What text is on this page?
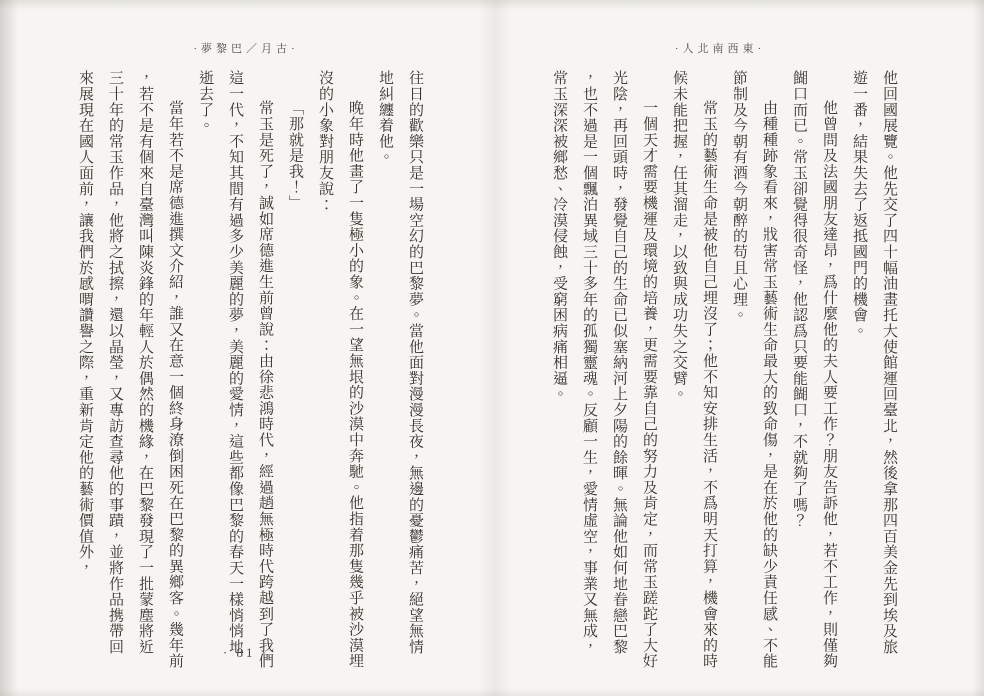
·人北南西東·

他回國展覽。他先交了四十幅油畫托大使館運回臺北，然後拿那四百美金先到埃及旅遊一番，結果失去了返抵國門的機會。

他曾問及法國朋友達昂，爲什麼他的夫人要工作？朋友告訴他，若不工作，則僅夠餬口而已。常玉卻覺得很奇怪，他認爲只要能餬口，不就夠了嗎？

由種種跡象看來，戕害常玉藝術生命最大的致命傷，是在於他的缺少責任感、不能節制及今朝有酒今朝醉的苟且心理。

常玉的藝術生命是被他自己埋沒了；他不知安排生活，不爲明天打算，機會來的時候未能把握，任其溜走，以致與成功失之交臂。

一個天才需要機運及環境的培養，更需要靠自己的努力及肯定，而常玉蹉跎了大好光陰，再回頭時，發覺自己的生命已似塞納河上夕陽的餘暉。無論他如何地眷戀巴黎，也不過是一個飄泊異域三十多年的孤獨靈魂。反顧一生，愛情虛空，事業又無成，常玉深深被鄉愁、冷漠侵蝕，受窮困病痛相逼。

·夢黎巴／月古·

往日的歡樂只是一場空幻的巴黎夢。當他面對漫漫長夜，無邊的憂鬱痛苦，絕望無情地糾纏着他。

晚年時他畫了一隻極小的象。在一望無垠的沙漠中奔馳。他指着那隻幾乎被沙漠埋沒的小象對朋友說：

「那就是我！」

常玉是死了，誠如席德進生前曾說：由徐悲鴻時代，經過趙無極時代跨越到了我們這一代，不知其間有過多少美麗的夢，美麗的愛情，這些都像巴黎的春天一樣悄悄地逝去了。

當年若不是席德進撰文介紹，誰又在意一個終身潦倒困死在巴黎的異鄉客。幾年前，若不是有個來自臺灣叫陳炎鋒的年輕人於偶然的機緣，在巴黎發現了一批蒙塵將近三十年的常玉作品，他將之拭擦，還以晶瑩，又專訪查尋他的事蹟，並將作品携帶回來展現在國人面前，讓我們於感喟讚譽之際，重新肯定他的藝術價值外，

· 81 ·
